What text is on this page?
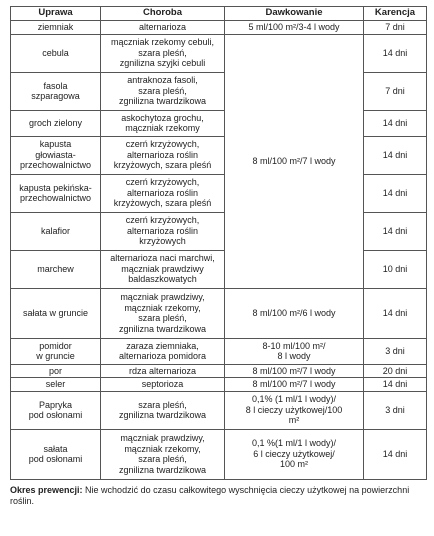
Uprawa	Choroba	Dawkowanie	Karencja

ziemniak	alternarioza	5 ml/100 m²/3-4 l wody	7 dni

cebula	mączniak rzekomy cebuli,
szara pleśń,
zgnilizna szyjki cebuli	8 ml/100 m²/7 l wody	14 dni

fasola
szparagowa	antraknoza fasoli,
szara pleśń,
zgnilizna twardzikowa		7 dni

groch zielony	askochytoza grochu,
mączniak rzekomy		14 dni

kapusta
głowiasta-
przechowalnictwo	czerń krzyżowych,
alternarioza roślin
krzyżowych, szara pleśń		14 dni

kapusta pekińska-
przechowalnictwo	czerń krzyżowych,
alternarioza roślin
krzyżowych, szara pleśń		14 dni

kalafior	czerń krzyżowych,
alternarioza roślin
krzyżowych		14 dni

marchew	alternarioza naci marchwi,
mączniak prawdziwy
baldaszkowatych		10 dni

sałata w gruncie	mączniak prawdziwy,
mączniak rzekomy,
szara pleśń,
zgnilizna twardzikowa	8 ml/100 m²/6 l wody	14 dni

pomidor
w gruncie	zaraza ziemniaka,
alternarioza pomidora	8-10 ml/100 m²/
8 l wody	3 dni

por	rdza alternarioza	8 ml/100 m²/7 l wody	20 dni

seler	septorioza	8 ml/100 m²/7 l wody	14 dni

Papryka
pod osłonami	szara pleśń,
zgnilizna twardzikowa	0,1% (1 ml/1 l wody)/
8 l cieczy użytkowej/100
m²	3 dni

sałata
pod osłonami	mączniak prawdziwy,
mączniak rzekomy,
szara pleśń,
zgnilizna twardzikowa	0,1 %(1 ml/1 l wody)/
6 l cieczy użytkowej/
100 m²	14 dni
Okres prewencji: Nie wchodzić do czasu całkowitego wyschnięcia cieczy użytkowej na powierzchni roślin.
